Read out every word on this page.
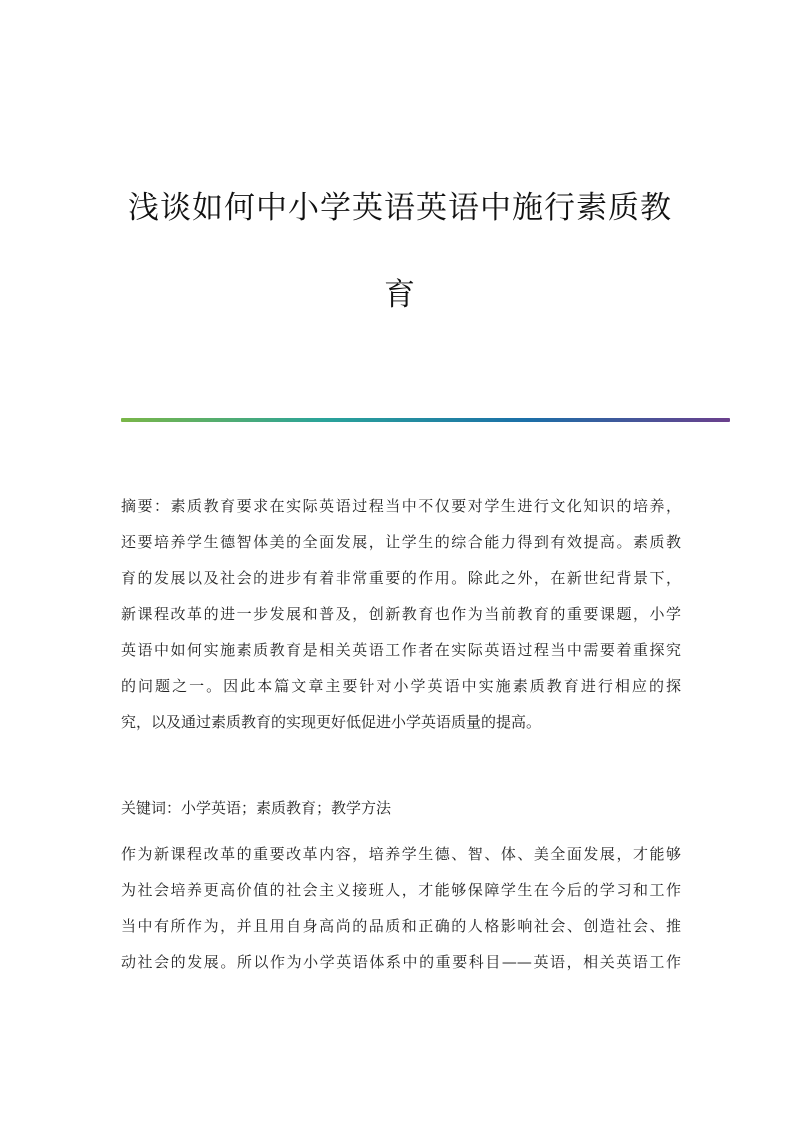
浅谈如何中小学英语英语中施行素质教
育
摘要：素质教育要求在实际英语过程当中不仅要对学生进行文化知识的培养，
还要培养学生德智体美的全面发展，让学生的综合能力得到有效提高。素质教
育的发展以及社会的进步有着非常重要的作用。除此之外，在新世纪背景下，
新课程改革的进一步发展和普及，创新教育也作为当前教育的重要课题，小学
英语中如何实施素质教育是相关英语工作者在实际英语过程当中需要着重探究
的问题之一。因此本篇文章主要针对小学英语中实施素质教育进行相应的探
究，以及通过素质教育的实现更好低促进小学英语质量的提高。
关键词：小学英语；素质教育；教学方法
作为新课程改革的重要改革内容，培养学生德、智、体、美全面发展，才能够
为社会培养更高价值的社会主义接班人，才能够保障学生在今后的学习和工作
当中有所作为，并且用自身高尚的品质和正确的人格影响社会、创造社会、推
动社会的发展。所以作为小学英语体系中的重要科目——英语，相关英语工作
